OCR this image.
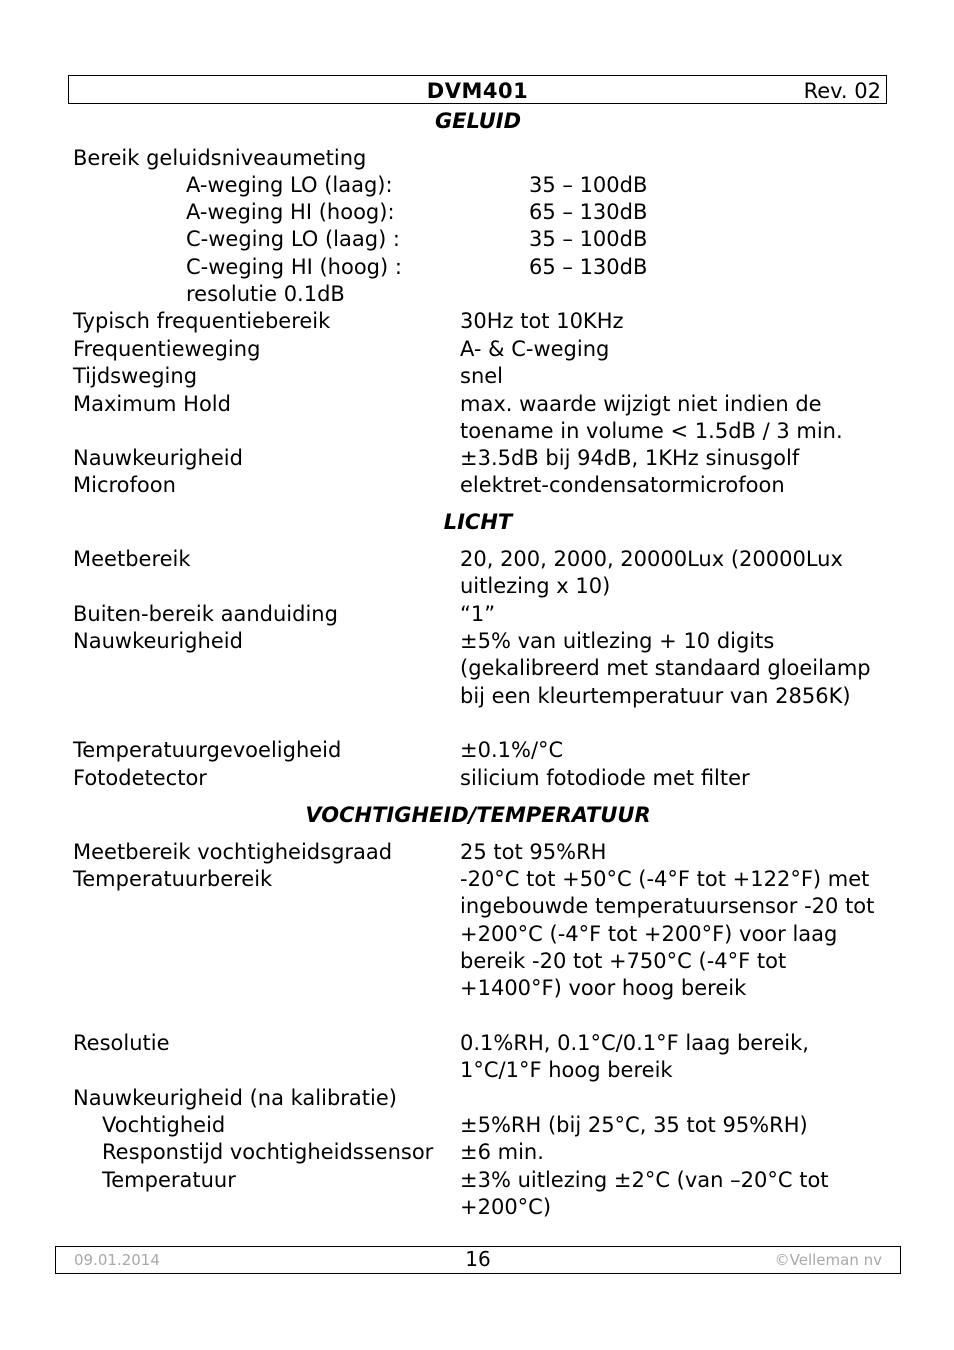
DVM401	Rev. 02
GELUID
Bereik geluidsniveaumeting
A-weging LO (laag):	35 – 100dB
A-weging HI (hoog):	65 – 130dB
C-weging LO (laag) :	35 – 100dB
C-weging HI (hoog) :	65 – 130dB
resolutie 0.1dB
Typisch frequentiebereik	30Hz tot 10KHz
Frequentieweging	A- & C-weging
Tijdsweging	snel
Maximum Hold	max. waarde wijzigt niet indien de toename in volume < 1.5dB / 3 min.
Nauwkeurigheid	±3.5dB bij 94dB, 1KHz sinusgolf
Microfoon	elektret-condensatormicrofoon
LICHT
Meetbereik	20, 200, 2000, 20000Lux (20000Lux uitlezing x 10)
Buiten-bereik aanduiding	“1”
Nauwkeurigheid	±5% van uitlezing + 10 digits (gekalibreerd met standaard gloeilamp bij een kleurtemperatuur van 2856K)
Temperatuurgevoeligheid	±0.1%/°C
Fotodetector	silicium fotodiode met filter
VOCHTIGHEID/TEMPERATUUR
Meetbereik vochtigheidsgraad	25 tot 95%RH
Temperatuurbereik	-20°C tot +50°C (-4°F tot +122°F) met ingebouwde temperatuursensor -20 tot +200°C (-4°F tot +200°F) voor laag bereik -20 tot +750°C (-4°F tot +1400°F) voor hoog bereik
Resolutie	0.1%RH, 0.1°C/0.1°F laag bereik, 1°C/1°F hoog bereik
Nauwkeurigheid (na kalibratie)
Vochtigheid	±5%RH (bij 25°C, 35 tot 95%RH)
Responstijd vochtigheidssensor ±6 min.
Temperatuur	±3% uitlezing ±2°C (van –20°C tot +200°C)
09.01.2014	16	©Velleman nv
